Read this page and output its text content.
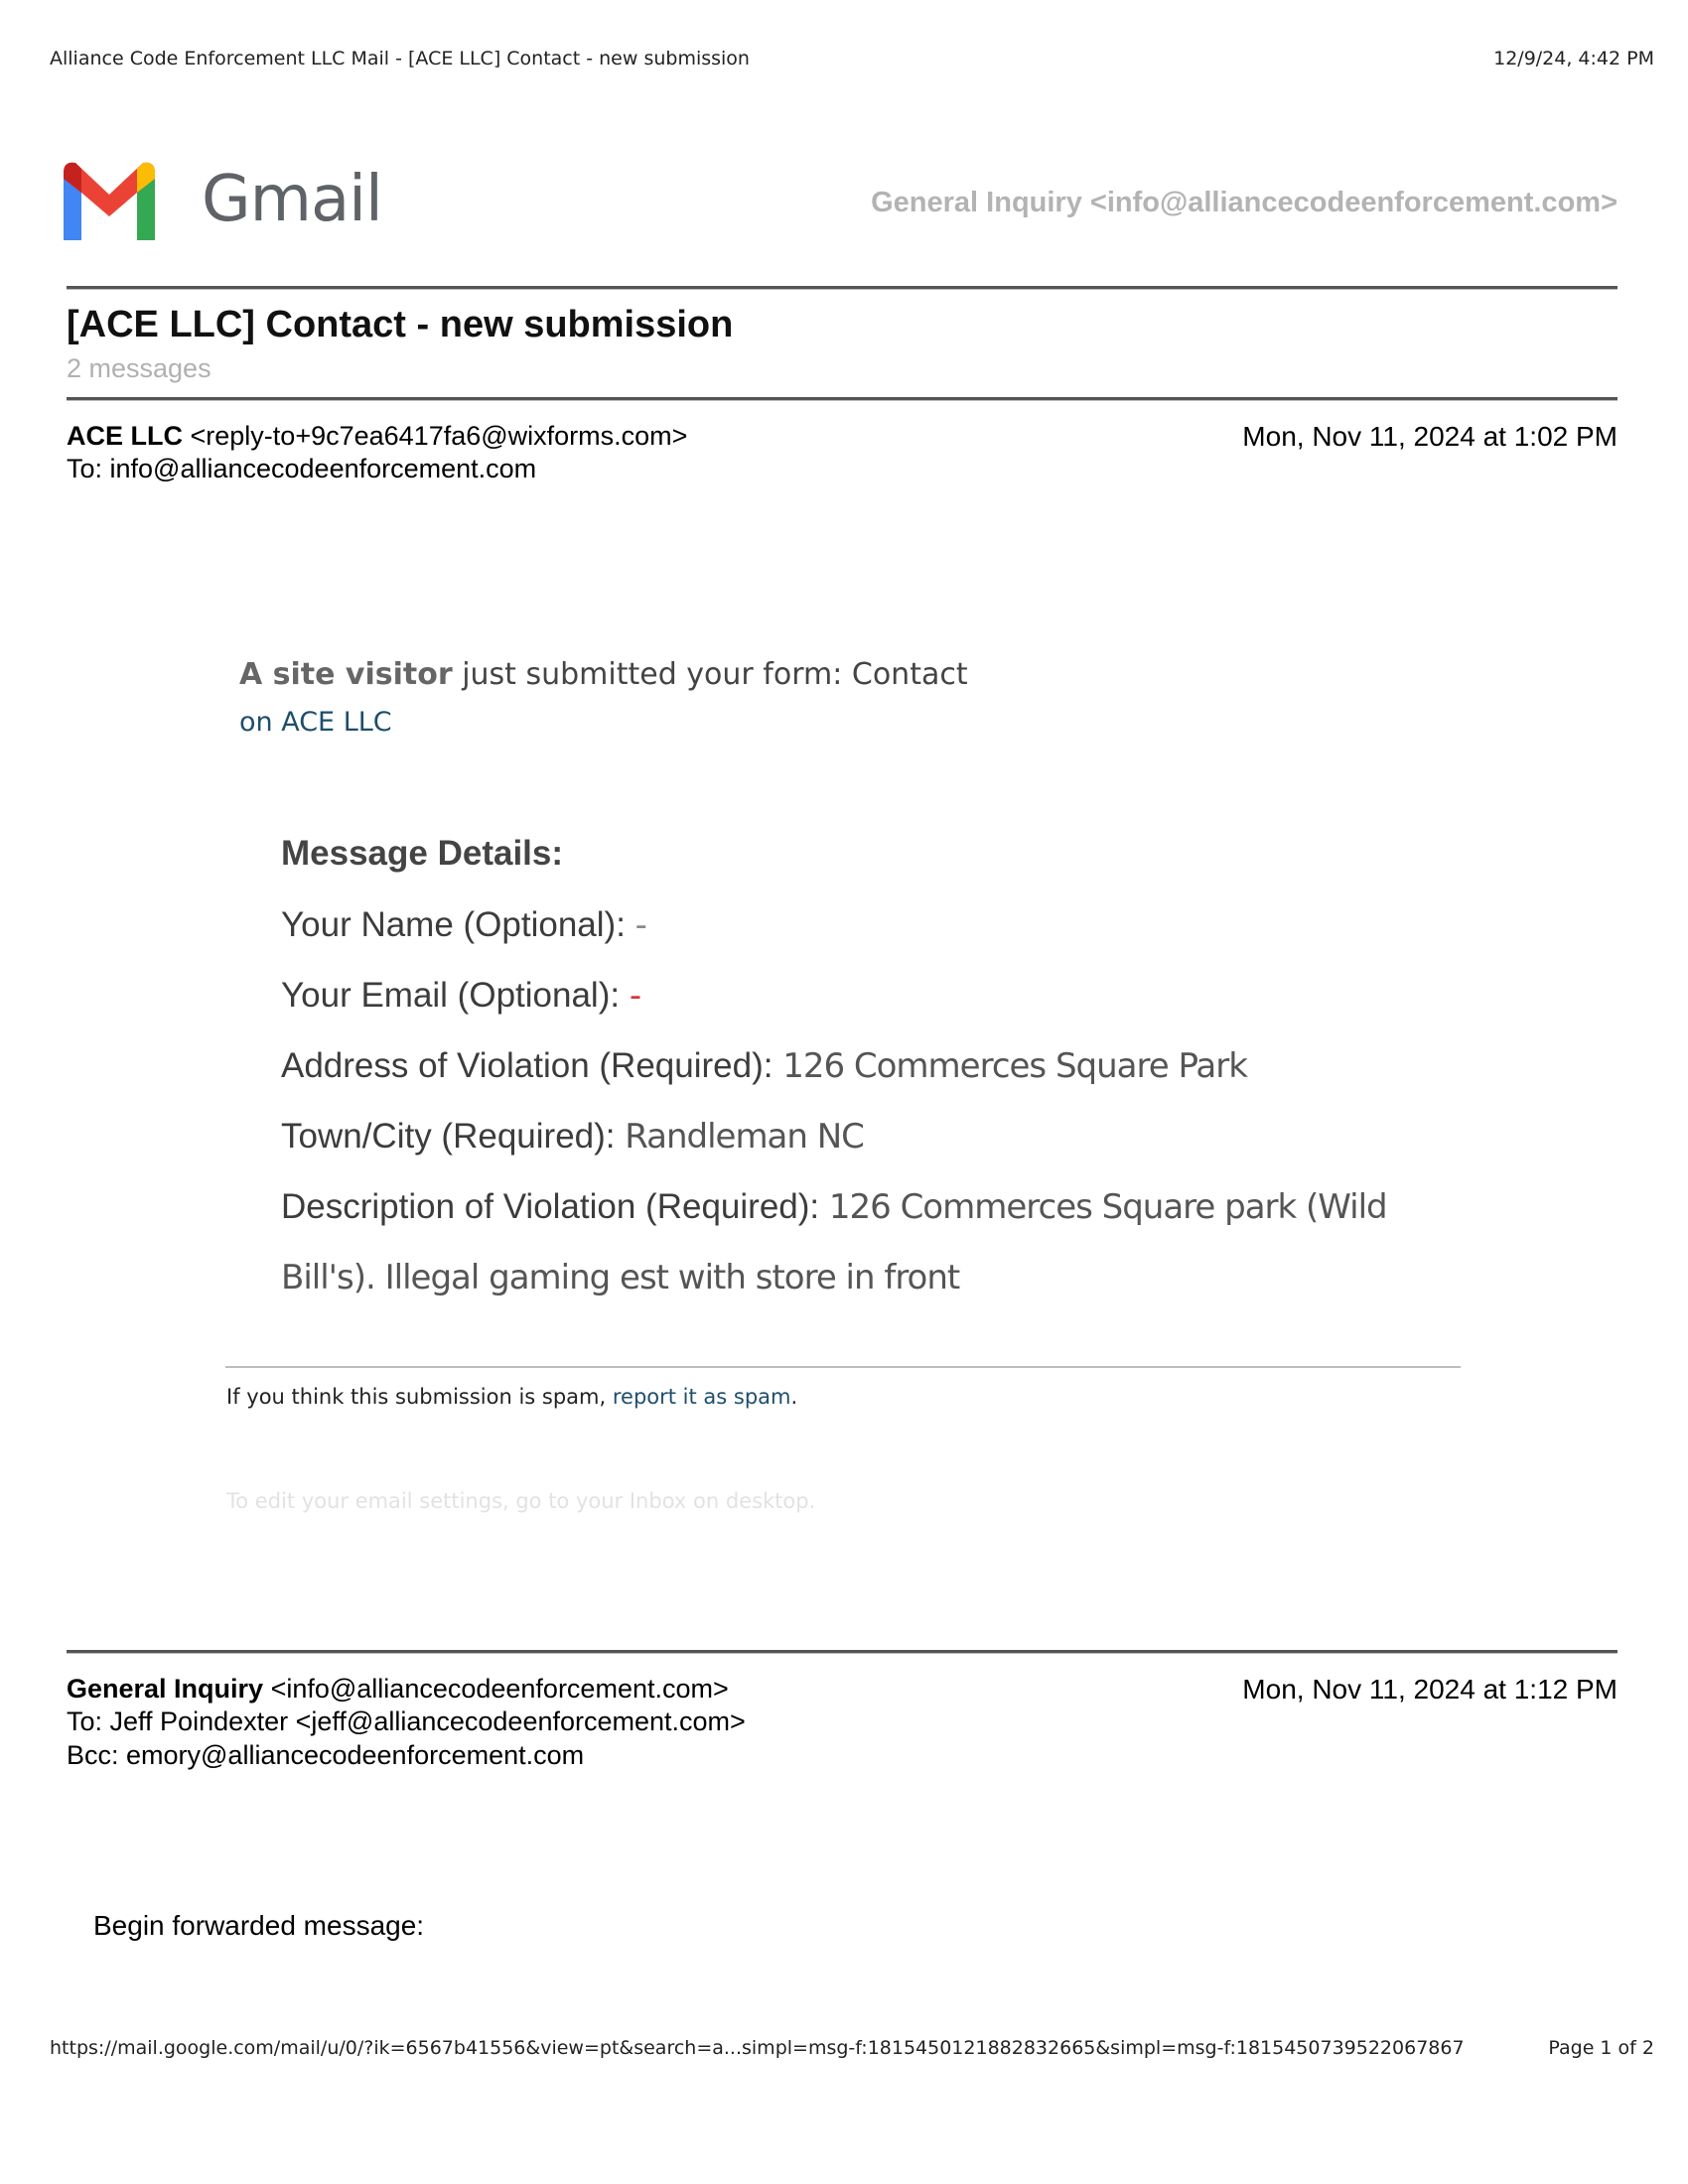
Alliance Code Enforcement LLC Mail - [ACE LLC] Contact - new submission	12/9/24, 4:42 PM
Gmail	General Inquiry <info@alliancecodeenforcement.com>
[ACE LLC] Contact - new submission
2 messages
ACE LLC <reply-to+9c7ea6417fa6@wixforms.com>	Mon, Nov 11, 2024 at 1:02 PM
To: info@alliancecodeenforcement.com
A site visitor just submitted your form: Contact
on ACE LLC
Message Details:
Your Name (Optional): -
Your Email (Optional): -
Address of Violation (Required): 126 Commerces Square Park
Town/City (Required): Randleman NC
Description of Violation (Required): 126 Commerces Square park (Wild
Bill's). Illegal gaming est with store in front
If you think this submission is spam, report it as spam.
To edit your email settings, go to your Inbox on desktop.
General Inquiry <info@alliancecodeenforcement.com>	Mon, Nov 11, 2024 at 1:12 PM
To: Jeff Poindexter <jeff@alliancecodeenforcement.com>
Bcc: emory@alliancecodeenforcement.com
Begin forwarded message:
https://mail.google.com/mail/u/0/?ik=6567b41556&view=pt&search=a...simpl=msg-f:1815450121882832665&simpl=msg-f:1815450739522067867	Page 1 of 2
